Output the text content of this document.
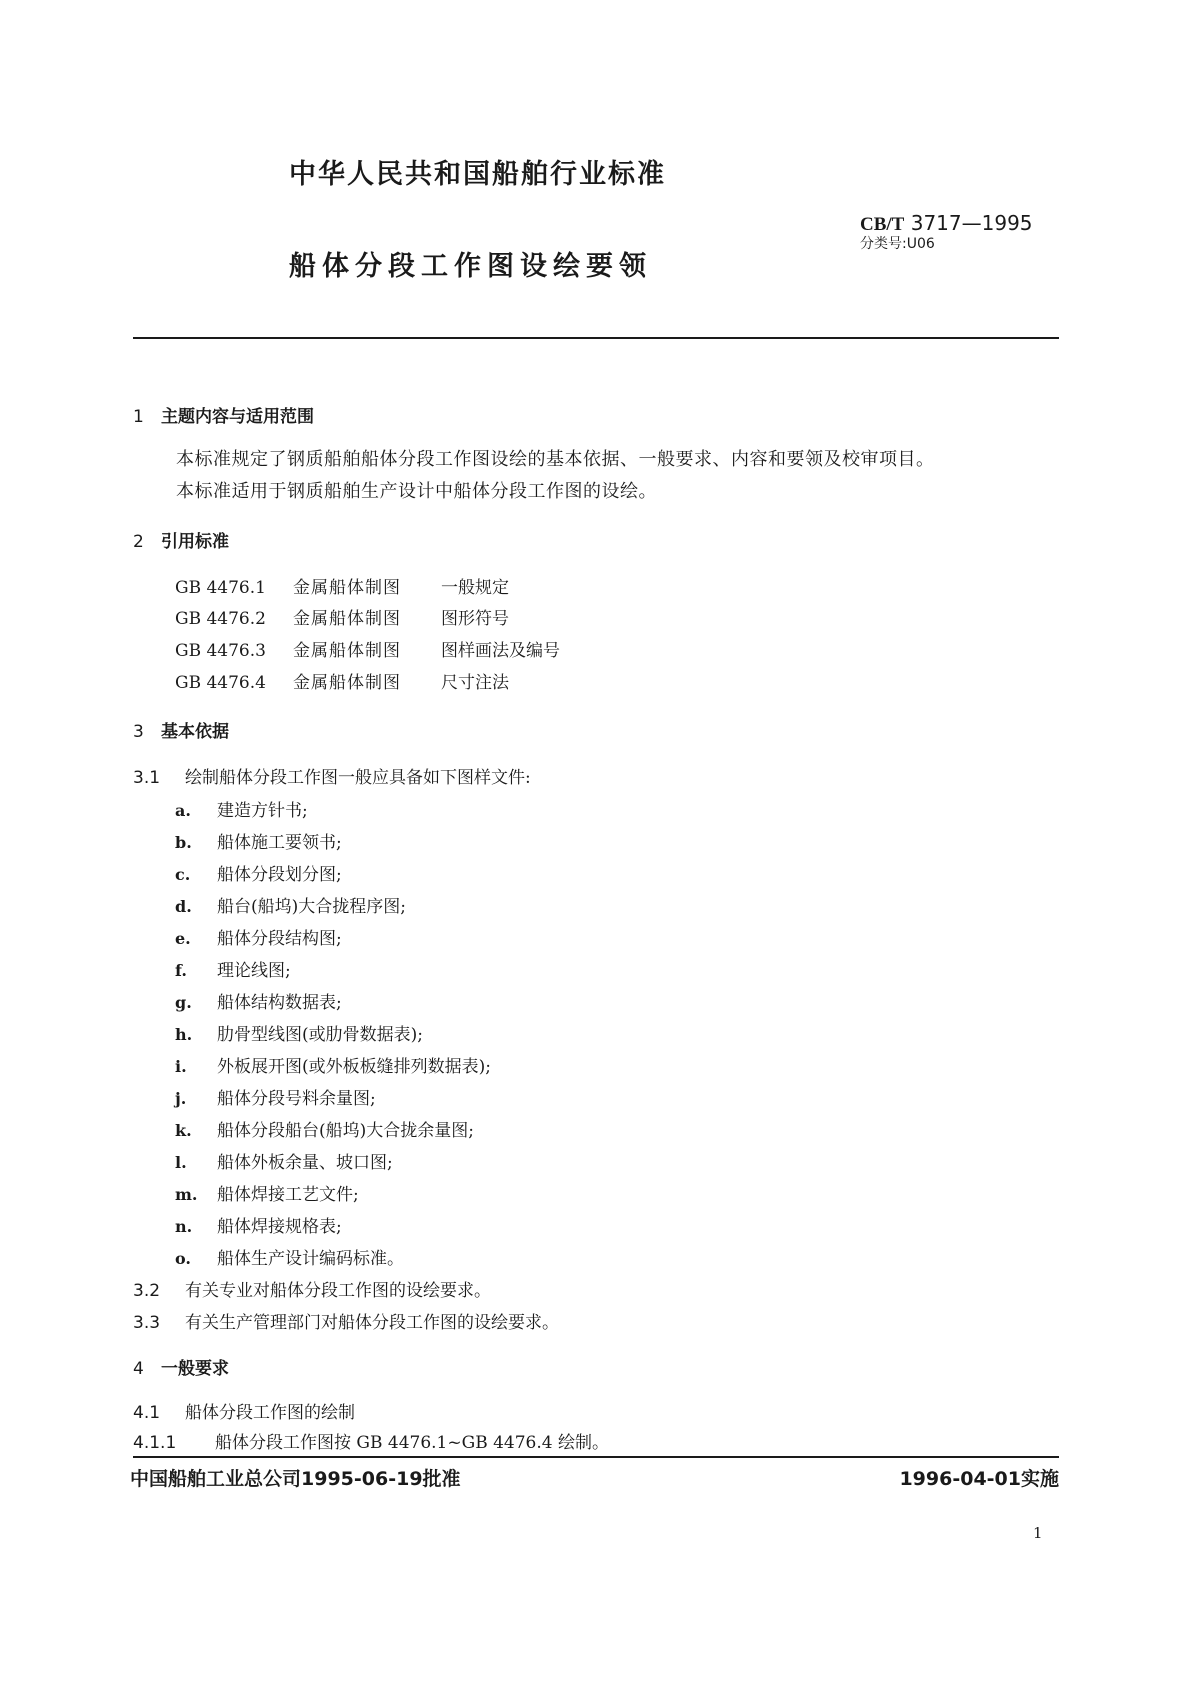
中华人民共和国船舶行业标准
CB/T 3717—1995
分类号:U06
船体分段工作图设绘要领
1 主题内容与适用范围
本标准规定了钢质船舶船体分段工作图设绘的基本依据、一般要求、内容和要领及校审项目。
本标准适用于钢质船舶生产设计中船体分段工作图的设绘。
2 引用标准
GB 4476.1 金属船体制图 一般规定
GB 4476.2 金属船体制图 图形符号
GB 4476.3 金属船体制图 图样画法及编号
GB 4476.4 金属船体制图 尺寸注法
3 基本依据
3.1 绘制船体分段工作图一般应具备如下图样文件:
a. 建造方针书;
b. 船体施工要领书;
c. 船体分段划分图;
d. 船台(船坞)大合拢程序图;
e. 船体分段结构图;
f. 理论线图;
g. 船体结构数据表;
h. 肋骨型线图(或肋骨数据表);
i. 外板展开图(或外板板缝排列数据表);
j. 船体分段号料余量图;
k. 船体分段船台(船坞)大合拢余量图;
l. 船体外板余量、坡口图;
m. 船体焊接工艺文件;
n. 船体焊接规格表;
o. 船体生产设计编码标准。
3.2 有关专业对船体分段工作图的设绘要求。
3.3 有关生产管理部门对船体分段工作图的设绘要求。
4 一般要求
4.1 船体分段工作图的绘制
4.1.1 船体分段工作图按 GB 4476.1~GB 4476.4 绘制。
中国船舶工业总公司1995-06-19批准	1996-04-01实施
1
